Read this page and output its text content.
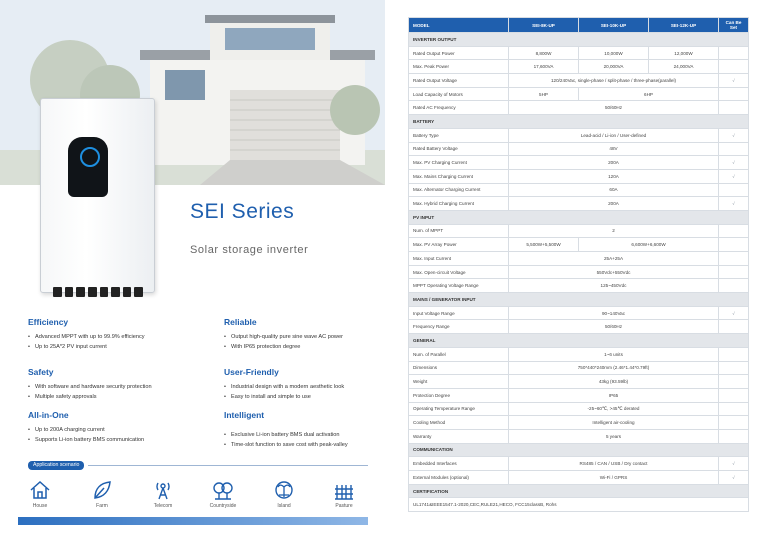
SEI Series
Solar storage inverter
Efficiency
• Advanced MPPT with up to 99.9% efficiency
• Up to 25A*2 PV input current
Reliable
• Output high-quality pure sine wave AC power
• With IP65 protection degree
Safety
• With software and hardware security protection
• Multiple safety approvals
User-Friendly
• Industrial design with a modern aesthetic look
• Easy to install and simple to use
All-in-One
• Up to 200A charging current
• Supports Li-ion battery BMS communication
Intelligent
• Exclusive Li-ion battery BMS dual activation
• Time-slot function to save cost with peak-valley
Application scenario
House	Farm	Telecom	Countryside	Island	Pasture
MODEL	SEI-8K-UP	SEI-10K-UP	SEI-12K-UP	Can Be Set
INVERTER OUTPUT				
Rated Output Power	8,800W	10,000W	12,000W	
Max. Peak Power	17,600VA	20,000VA	24,000VA	
Rated Output Voltage	120/240Vac, single-phase / split-phase / three-phase(parallel)			√
Load Capacity of Motors	5HP	6HP		
Rated AC Frequency	50/60Hz			
BATTERY				
Battery Type	Lead-acid / Li-ion / User-defined			√
Rated Battery Voltage	48V			
Max. PV Charging Current	200A			√
Max. Mains Charging Current	120A			√
Max. Alternator Charging Current	60A			
Max. Hybrid Charging Current	200A			√
PV INPUT				
Num. of MPPT	2			
Max. PV Array Power	5,500W+5,500W	6,600W+6,600W		
Max. Input Current	25A+25A			
Max. Open-circuit Voltage	550Vdc+550Vdc			
MPPT Operating Voltage Range	125~450Vdc			
MAINS / GENERATOR INPUT				
Input Voltage Range	90~140Vac			√
Frequency Range	50/60Hz			
GENERAL				
Num. of Parallel	1~6 units			
Dimensions	750*440*240mm (2.46*1.44*0.79ft)			
Weight	43kg (93.59lb)			
Protection Degree	IP65			
Operating Temperature Range	-25~60℃, >45℃ derated			
Cooling Method	Intelligent air-cooling			
Warranty	5 years			
COMMUNICATION				
Embedded Interfaces	RS485 / CAN / USB / Dry contact			√
External Modules (optional)	Wi-Fi / GPRS			√
CERTIFICATION				
UL1741&IEEE1547.1-2020,CEC,RULE21,HECO, FCC15classB, Rohs				
